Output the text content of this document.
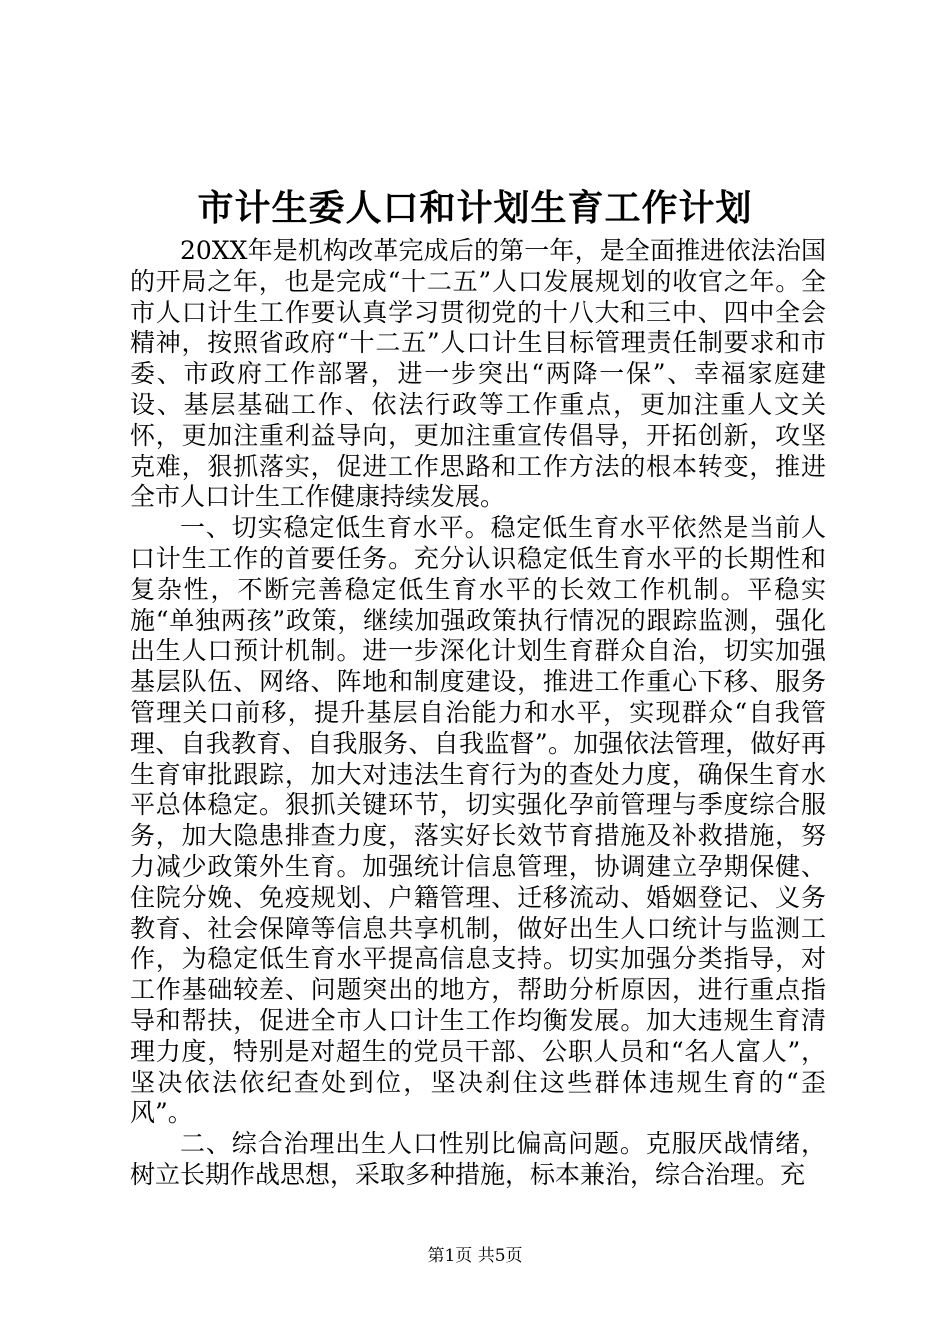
市计生委人口和计划生育工作计划

20XX年是机构改革完成后的第一年，是全面推进依法治国的开局之年，也是完成“十二五”人口发展规划的收官之年。全市人口计生工作要认真学习贯彻党的十八大和三中、四中全会精神，按照省政府“十二五”人口计生目标管理责任制要求和市委、市政府工作部署，进一步突出“两降一保”、幸福家庭建设、基层基础工作、依法行政等工作重点，更加注重人文关怀，更加注重利益导向，更加注重宣传倡导，开拓创新，攻坚克难，狠抓落实，促进工作思路和工作方法的根本转变，推进全市人口计生工作健康持续发展。

一、切实稳定低生育水平。稳定低生育水平依然是当前人口计生工作的首要任务。充分认识稳定低生育水平的长期性和复杂性，不断完善稳定低生育水平的长效工作机制。平稳实施“单独两孩”政策，继续加强政策执行情况的跟踪监测，强化出生人口预计机制。进一步深化计划生育群众自治，切实加强基层队伍、网络、阵地和制度建设，推进工作重心下移、服务管理关口前移，提升基层自治能力和水平，实现群众“自我管理、自我教育、自我服务、自我监督”。加强依法管理，做好再生育审批跟踪，加大对违法生育行为的查处力度，确保生育水平总体稳定。狠抓关键环节，切实强化孕前管理与季度综合服务，加大隐患排查力度，落实好长效节育措施及补救措施，努力减少政策外生育。加强统计信息管理，协调建立孕期保健、住院分娩、免疫规划、户籍管理、迁移流动、婚姻登记、义务教育、社会保障等信息共享机制，做好出生人口统计与监测工作，为稳定低生育水平提高信息支持。切实加强分类指导，对工作基础较差、问题突出的地方，帮助分析原因，进行重点指导和帮扶，促进全市人口计生工作均衡发展。加大违规生育清理力度，特别是对超生的党员干部、公职人员和“名人富人”，坚决依法依纪查处到位，坚决刹住这些群体违规生育的“歪风”。

二、综合治理出生人口性别比偏高问题。克服厌战情绪，树立长期作战思想，采取多种措施，标本兼治，综合治理。充

第1页 共5页
